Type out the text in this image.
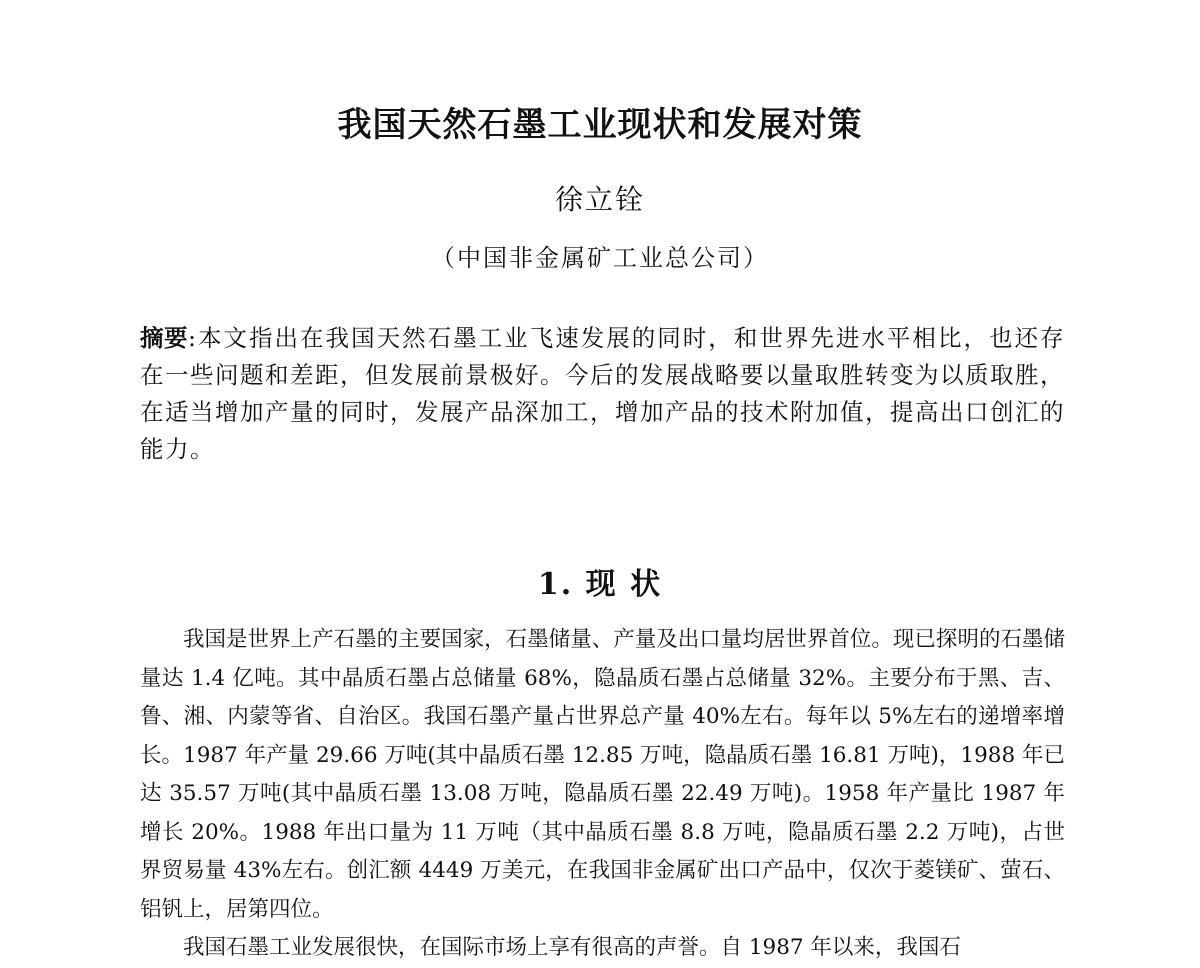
我国天然石墨工业现状和发展对策
徐立铨
（中国非金属矿工业总公司）
摘要:本文指出在我国天然石墨工业飞速发展的同时，和世界先进水平相比，也还存在一些问题和差距，但发展前景极好。今后的发展战略要以量取胜转变为以质取胜，在适当增加产量的同时，发展产品深加工，增加产品的技术附加值，提高出口创汇的能力。
1. 现 状

我国是世界上产石墨的主要国家，石墨储量、产量及出口量均居世界首位。现已探明的石墨储量达 1.4 亿吨。其中晶质石墨占总储量 68%，隐晶质石墨占总储量 32%。主要分布于黑、吉、鲁、湘、内蒙等省、自治区。我国石墨产量占世界总产量 40%左右。每年以 5%左右的递增率增长。1987 年产量 29.66 万吨(其中晶质石墨 12.85 万吨，隐晶质石墨 16.81 万吨)，1988 年已达 35.57 万吨(其中晶质石墨 13.08 万吨，隐晶质石墨 22.49 万吨)。1958 年产量比 1987 年增长 20%。1988 年出口量为 11 万吨（其中晶质石墨 8.8 万吨，隐晶质石墨 2.2 万吨)，占世界贸易量 43%左右。创汇额 4449 万美元，在我国非金属矿出口产品中，仅次于菱镁矿、萤石、铝钒上，居第四位。

我国石墨工业发展很快，在国际市场上享有很高的声誉。自 1987 年以来，我国石
